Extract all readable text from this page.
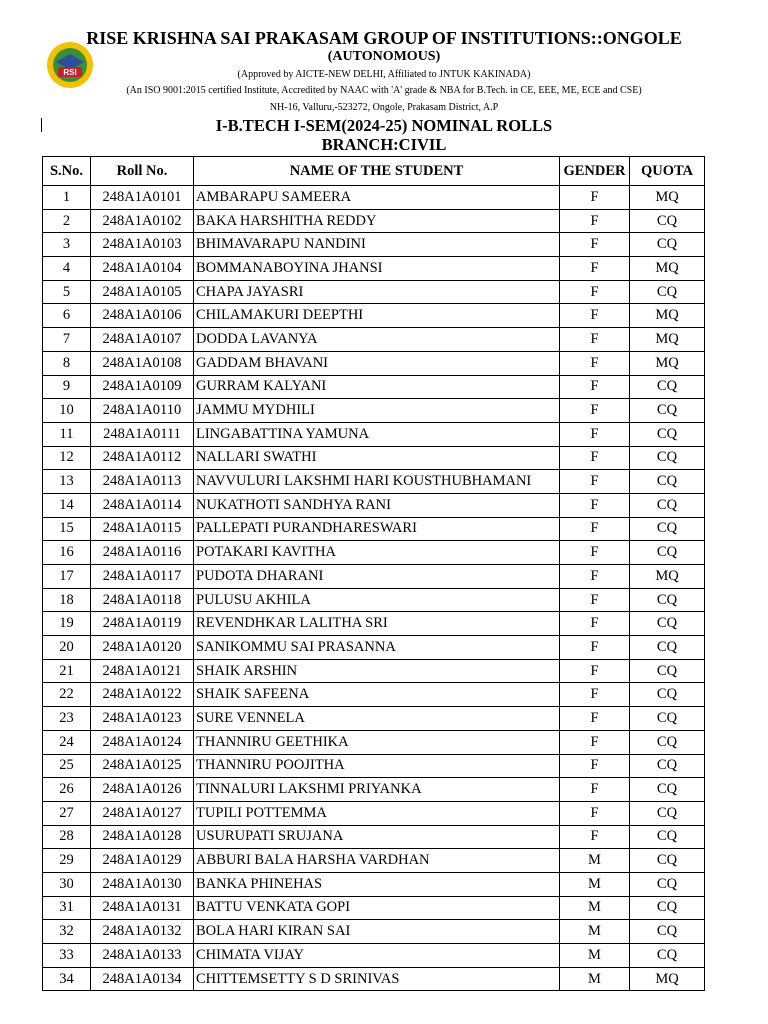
RSI
RISE KRISHNA SAI PRAKASAM GROUP OF INSTITUTIONS::ONGOLE
(AUTONOMOUS)
(Approved by AICTE-NEW DELHI, Affiliated to JNTUK KAKINADA)
(An ISO 9001:2015 certified Institute, Accredited by NAAC with 'A' grade & NBA for B.Tech. in CE, EEE, ME, ECE and CSE)
NH-16, Valluru,-523272, Ongole, Prakasam District, A.P
I-B.TECH I-SEM(2024-25) NOMINAL ROLLS
BRANCH:CIVIL
S.No.	Roll No.	NAME OF THE STUDENT	GENDER	QUOTA
1	248A1A0101	AMBARAPU SAMEERA	F	MQ
2	248A1A0102	BAKA HARSHITHA REDDY	F	CQ
3	248A1A0103	BHIMAVARAPU NANDINI	F	CQ
4	248A1A0104	BOMMANABOYINA JHANSI	F	MQ
5	248A1A0105	CHAPA JAYASRI	F	CQ
6	248A1A0106	CHILAMAKURI DEEPTHI	F	MQ
7	248A1A0107	DODDA LAVANYA	F	MQ
8	248A1A0108	GADDAM BHAVANI	F	MQ
9	248A1A0109	GURRAM KALYANI	F	CQ
10	248A1A0110	JAMMU MYDHILI	F	CQ
11	248A1A0111	LINGABATTINA YAMUNA	F	CQ
12	248A1A0112	NALLARI SWATHI	F	CQ
13	248A1A0113	NAVVULURI LAKSHMI HARI KOUSTHUBHAMANI	F	CQ
14	248A1A0114	NUKATHOTI SANDHYA RANI	F	CQ
15	248A1A0115	PALLEPATI PURANDHARESWARI	F	CQ
16	248A1A0116	POTAKARI KAVITHA	F	CQ
17	248A1A0117	PUDOTA DHARANI	F	MQ
18	248A1A0118	PULUSU AKHILA	F	CQ
19	248A1A0119	REVENDHKAR LALITHA SRI	F	CQ
20	248A1A0120	SANIKOMMU SAI PRASANNA	F	CQ
21	248A1A0121	SHAIK ARSHIN	F	CQ
22	248A1A0122	SHAIK SAFEENA	F	CQ
23	248A1A0123	SURE VENNELA	F	CQ
24	248A1A0124	THANNIRU GEETHIKA	F	CQ
25	248A1A0125	THANNIRU POOJITHA	F	CQ
26	248A1A0126	TINNALURI LAKSHMI PRIYANKA	F	CQ
27	248A1A0127	TUPILI POTTEMMA	F	CQ
28	248A1A0128	USURUPATI SRUJANA	F	CQ
29	248A1A0129	ABBURI BALA HARSHA VARDHAN	M	CQ
30	248A1A0130	BANKA PHINEHAS	M	CQ
31	248A1A0131	BATTU VENKATA GOPI	M	CQ
32	248A1A0132	BOLA HARI KIRAN SAI	M	CQ
33	248A1A0133	CHIMATA VIJAY	M	CQ
34	248A1A0134	CHITTEMSETTY S D SRINIVAS	M	MQ
